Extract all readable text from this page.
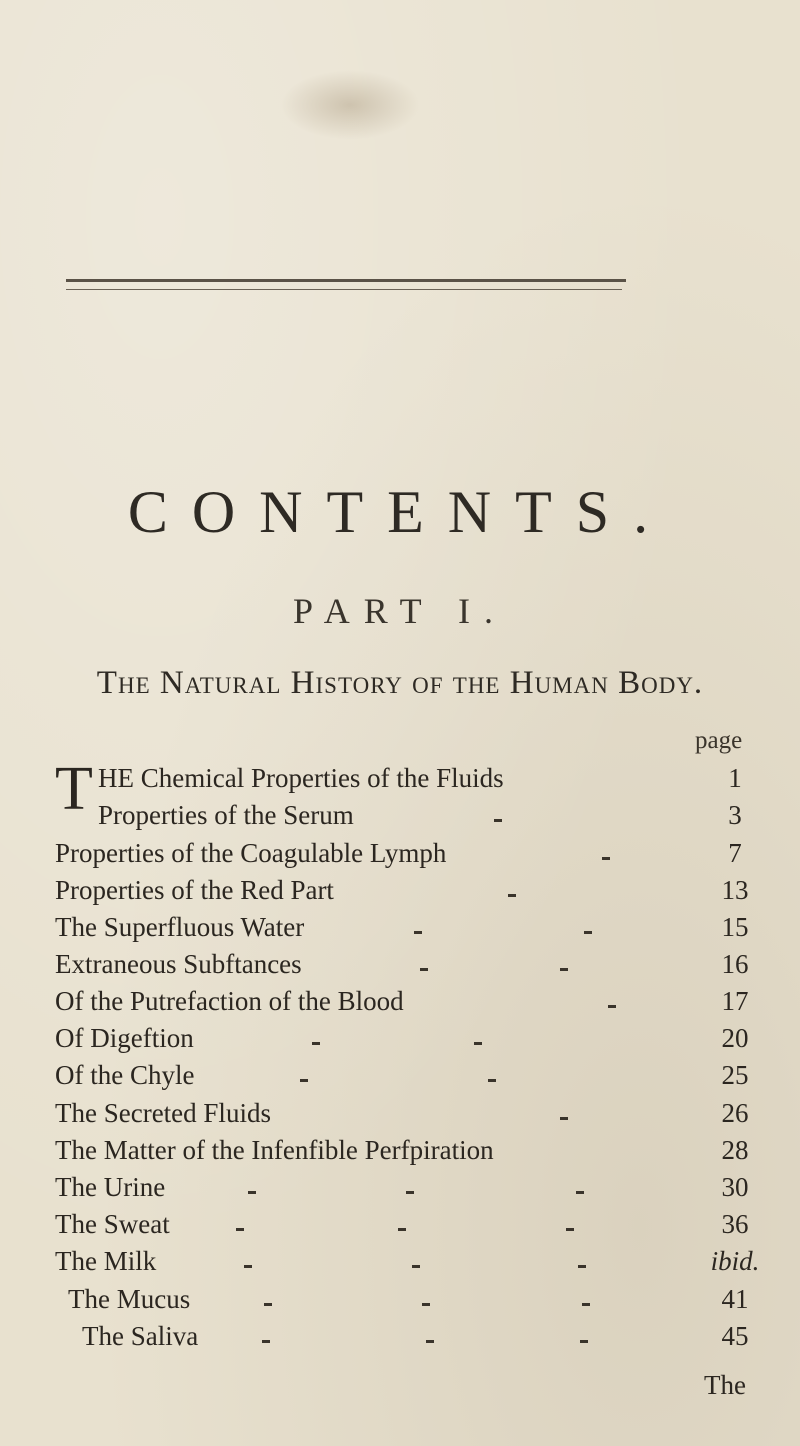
CONTENTS.
PART I.
The Natural History of the Human Body.
page
T HE Chemical Properties of the Fluids	1
Properties of the Serum	3
Properties of the Coagulable Lymph	7
Properties of the Red Part	13
The Superfluous Water	15
Extraneous Subftances	16
Of the Putrefaction of the Blood	17
Of Digeftion	20
Of the Chyle	25
The Secreted Fluids	26
The Matter of the Infenfible Perfpiration	28
The Urine	30
The Sweat	36
The Milk	ibid.
The Mucus	41
The Saliva	45
The
